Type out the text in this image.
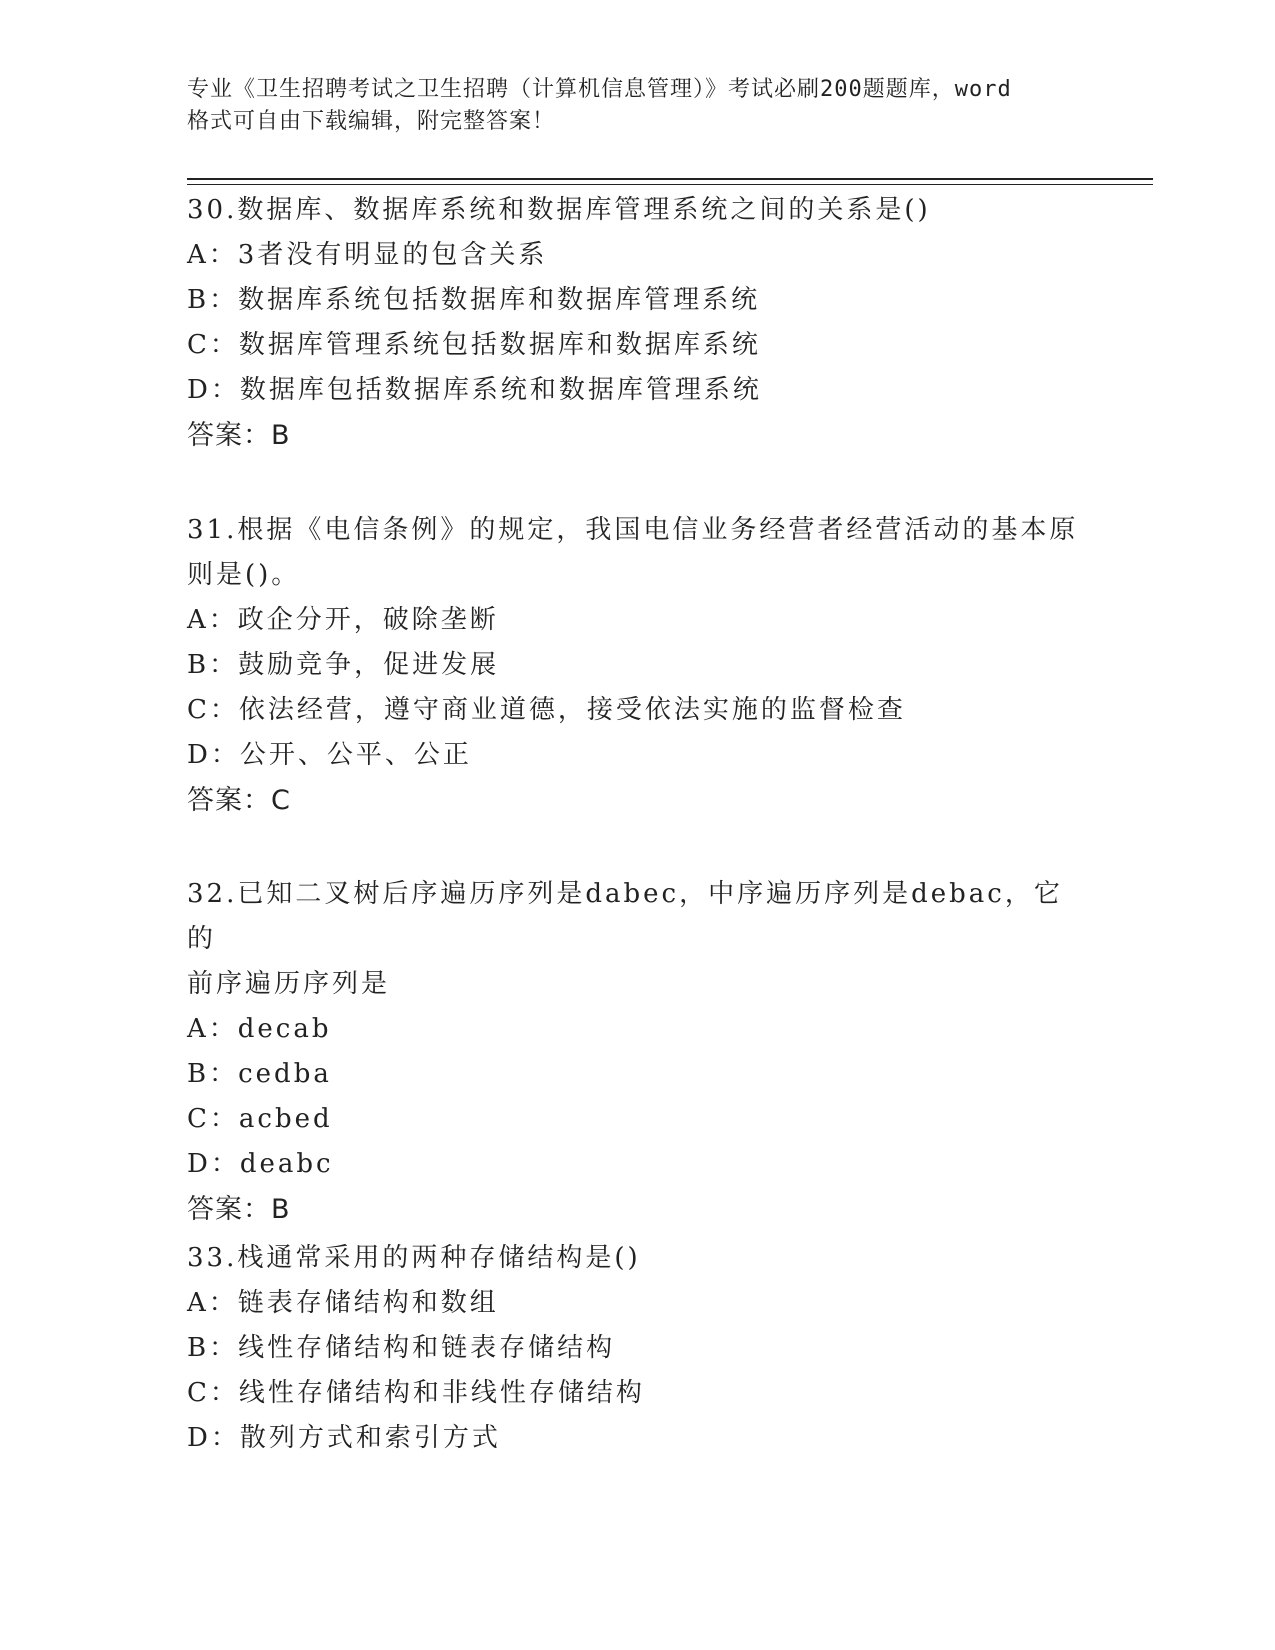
专业《卫生招聘考试之卫生招聘（计算机信息管理）》考试必刷200题题库，word
格式可自由下载编辑，附完整答案！

30.数据库、数据库系统和数据库管理系统之间的关系是()

A：3者没有明显的包含关系

B：数据库系统包括数据库和数据库管理系统

C：数据库管理系统包括数据库和数据库系统

D：数据库包括数据库系统和数据库管理系统

答案：B

31.根据《电信条例》的规定，我国电信业务经营者经营活动的基本原

则是()。

A：政企分开，破除垄断

B：鼓励竞争，促进发展

C：依法经营，遵守商业道德，接受依法实施的监督检查

D：公开、公平、公正

答案：C

32.已知二叉树后序遍历序列是dabec，中序遍历序列是debac，它的

前序遍历序列是

A：decab

B：cedba

C：acbed

D：deabc

答案：B

33.栈通常采用的两种存储结构是()

A：链表存储结构和数组

B：线性存储结构和链表存储结构

C：线性存储结构和非线性存储结构

D：散列方式和索引方式
